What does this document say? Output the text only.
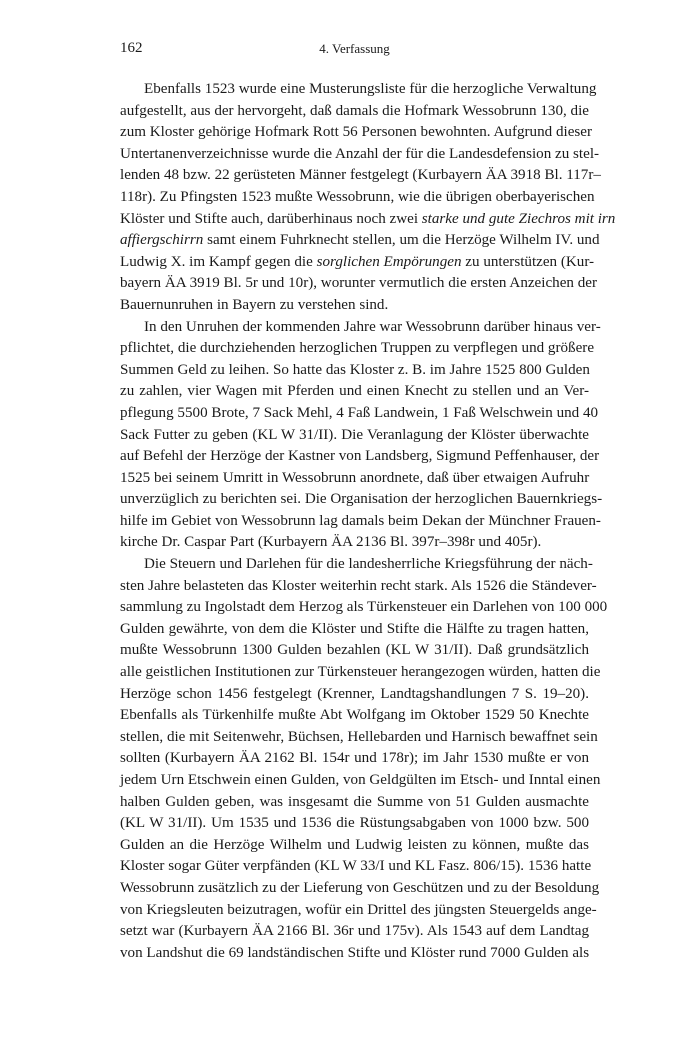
162	4. Verfassung
Ebenfalls 1523 wurde eine Musterungsliste für die herzogliche Verwaltung
aufgestellt, aus der hervorgeht, daß damals die Hofmark Wessobrunn 130, die
zum Kloster gehörige Hofmark Rott 56 Personen bewohnten. Aufgrund dieser
Untertanenverzeichnisse wurde die Anzahl der für die Landesdefension zu stel-
lenden 48 bzw. 22 gerüsteten Männer festgelegt (Kurbayern ÄA 3918 Bl. 117r–
118r). Zu Pfingsten 1523 mußte Wessobrunn, wie die übrigen oberbayerischen
Klöster und Stifte auch, darüberhinaus noch zwei starke und gute Ziechros mit irn
affiergschirrn samt einem Fuhrknecht stellen, um die Herzöge Wilhelm IV. und
Ludwig X. im Kampf gegen die sorglichen Empörungen zu unterstützen (Kur-
bayern ÄA 3919 Bl. 5r und 10r), worunter vermutlich die ersten Anzeichen der
Bauernunruhen in Bayern zu verstehen sind.
In den Unruhen der kommenden Jahre war Wessobrunn darüber hinaus ver-
pflichtet, die durchziehenden herzoglichen Truppen zu verpflegen und größere
Summen Geld zu leihen. So hatte das Kloster z. B. im Jahre 1525 800 Gulden
zu zahlen, vier Wagen mit Pferden und einen Knecht zu stellen und an Ver-
pflegung 5500 Brote, 7 Sack Mehl, 4 Faß Landwein, 1 Faß Welschwein und 40
Sack Futter zu geben (KL W 31/II). Die Veranlagung der Klöster überwachte
auf Befehl der Herzöge der Kastner von Landsberg, Sigmund Peffenhauser, der
1525 bei seinem Umritt in Wessobrunn anordnete, daß über etwaigen Aufruhr
unverzüglich zu berichten sei. Die Organisation der herzoglichen Bauernkriegs-
hilfe im Gebiet von Wessobrunn lag damals beim Dekan der Münchner Frauen-
kirche Dr. Caspar Part (Kurbayern ÄA 2136 Bl. 397r–398r und 405r).
Die Steuern und Darlehen für die landesherrliche Kriegsführung der näch-
sten Jahre belasteten das Kloster weiterhin recht stark. Als 1526 die Ständever-
sammlung zu Ingolstadt dem Herzog als Türkensteuer ein Darlehen von 100 000
Gulden gewährte, von dem die Klöster und Stifte die Hälfte zu tragen hatten,
mußte Wessobrunn 1300 Gulden bezahlen (KL W 31/II). Daß grundsätzlich
alle geistlichen Institutionen zur Türkensteuer herangezogen würden, hatten die
Herzöge schon 1456 festgelegt (Krenner, Landtagshandlungen 7 S. 19–20).
Ebenfalls als Türkenhilfe mußte Abt Wolfgang im Oktober 1529 50 Knechte
stellen, die mit Seitenwehr, Büchsen, Hellebarden und Harnisch bewaffnet sein
sollten (Kurbayern ÄA 2162 Bl. 154r und 178r); im Jahr 1530 mußte er von
jedem Urn Etschwein einen Gulden, von Geldgülten im Etsch- und Inntal einen
halben Gulden geben, was insgesamt die Summe von 51 Gulden ausmachte
(KL W 31/II). Um 1535 und 1536 die Rüstungsabgaben von 1000 bzw. 500
Gulden an die Herzöge Wilhelm und Ludwig leisten zu können, mußte das
Kloster sogar Güter verpfänden (KL W 33/I und KL Fasz. 806/15). 1536 hatte
Wessobrunn zusätzlich zu der Lieferung von Geschützen und zu der Besoldung
von Kriegsleuten beizutragen, wofür ein Drittel des jüngsten Steuergelds ange-
setzt war (Kurbayern ÄA 2166 Bl. 36r und 175v). Als 1543 auf dem Landtag
von Landshut die 69 landständischen Stifte und Klöster rund 7000 Gulden als
